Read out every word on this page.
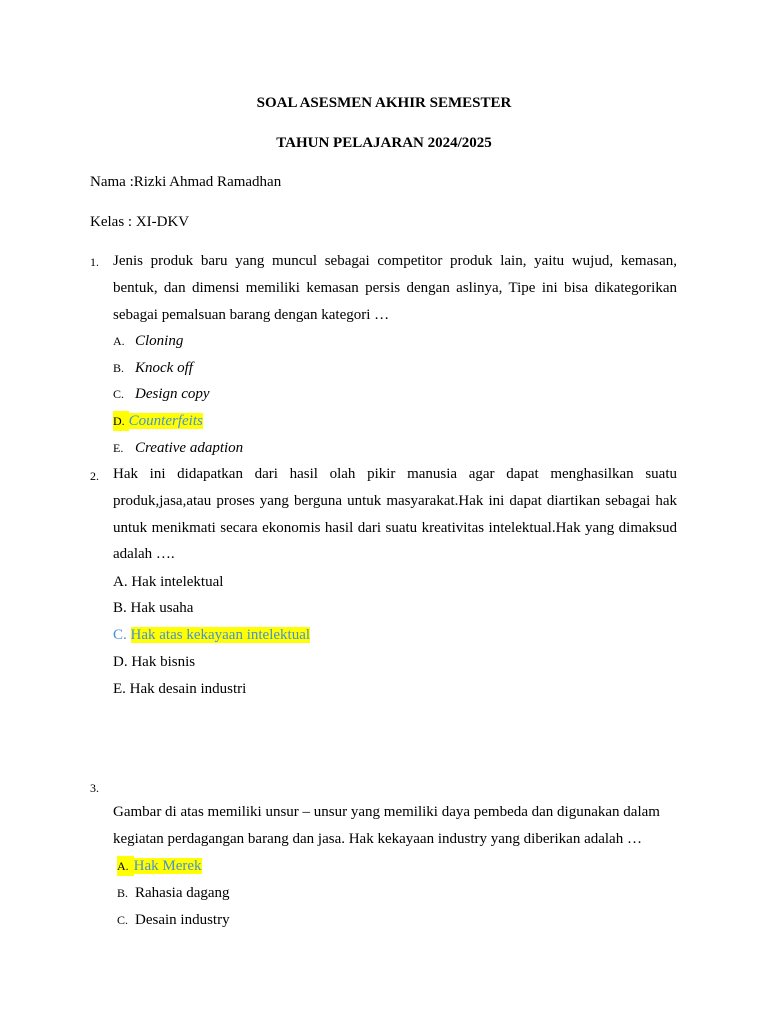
SOAL ASESMEN AKHIR SEMESTER
TAHUN PELAJARAN 2024/2025
Nama :Rizki Ahmad Ramadhan
Kelas : XI-DKV
1. Jenis produk baru yang muncul sebagai competitor produk lain, yaitu wujud, kemasan, bentuk, dan dimensi memiliki kemasan persis dengan aslinya, Tipe ini bisa dikategorikan sebagai pemalsuan barang dengan kategori …
A. Cloning
B. Knock off
C. Design copy
D. Counterfeits
E. Creative adaption
2. Hak ini didapatkan dari hasil olah pikir manusia agar dapat menghasilkan suatu produk,jasa,atau proses yang berguna untuk masyarakat.Hak ini dapat diartikan sebagai hak untuk menikmati secara ekonomis hasil dari suatu kreativitas intelektual.Hak yang dimaksud adalah ….
A. Hak intelektual
B. Hak usaha
C. Hak atas kekayaan intelektual
D. Hak bisnis
E. Hak desain industri
3.
Gambar di atas memiliki unsur – unsur yang memiliki daya pembeda dan digunakan dalam kegiatan perdagangan barang dan jasa. Hak kekayaan industry yang diberikan adalah …
A. Hak Merek
B. Rahasia dagang
C. Desain industry
